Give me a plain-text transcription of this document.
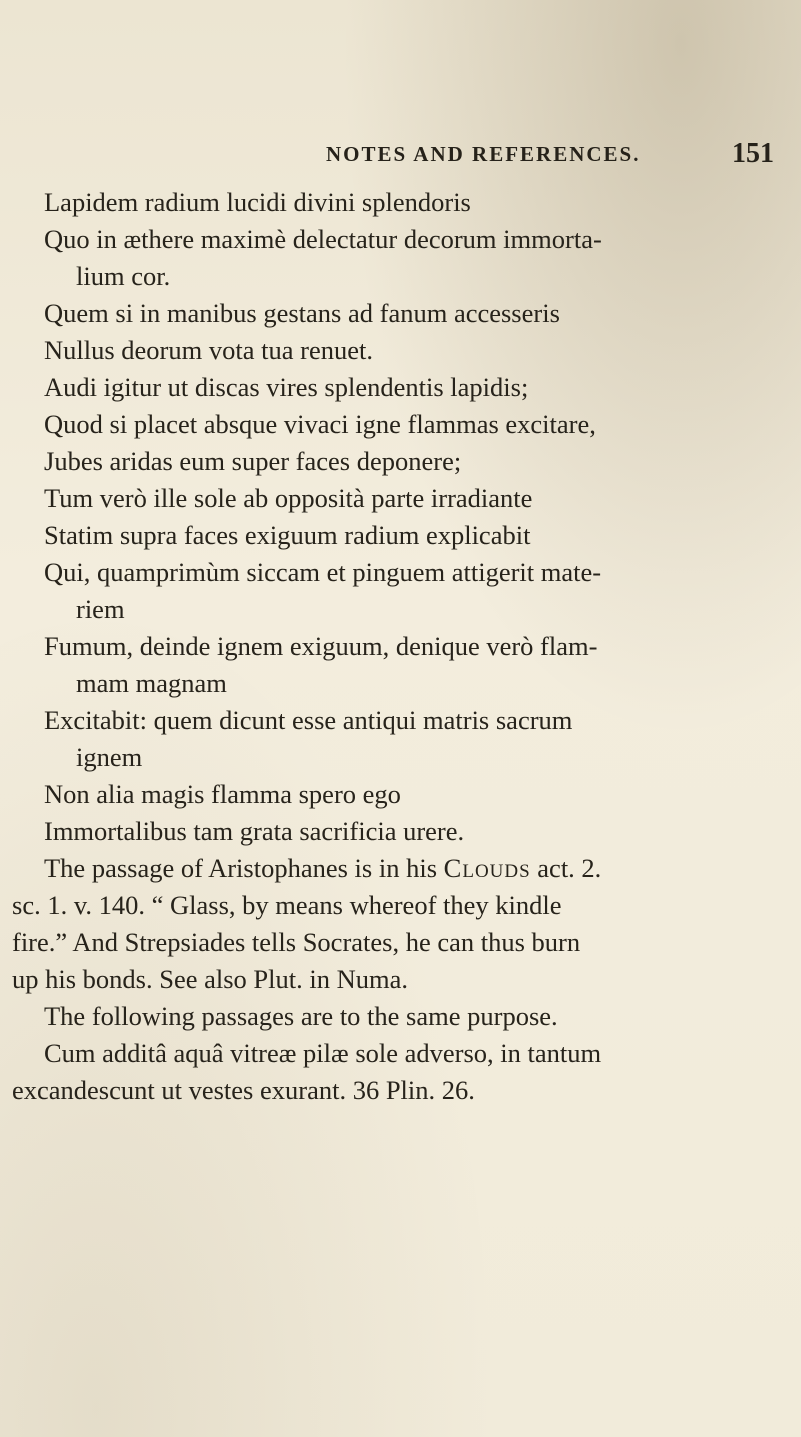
NOTES AND REFERENCES.	151
Lapidem radium lucidi divini splendoris
Quo in æthere maximè delectatur decorum immorta-
lium cor.
Quem si in manibus gestans ad fanum accesseris
Nullus deorum vota tua renuet.
Audi igitur ut discas vires splendentis lapidis;
Quod si placet absque vivaci igne flammas excitare,
Jubes aridas eum super faces deponere;
Tum verò ille sole ab opposità parte irradiante
Statim supra faces exiguum radium explicabit
Qui, quamprimùm siccam et pinguem attigerit mate-
riem
Fumum, deinde ignem exiguum, denique verò flam-
mam magnam
Excitabit: quem dicunt esse antiqui matris sacrum
ignem
Non alia magis flamma spero ego
Immortalibus tam grata sacrificia urere.
The passage of Aristophanes is in his Clouds act. 2.
sc. 1. v. 140. “ Glass, by means whereof they kindle
fire.” And Strepsiades tells Socrates, he can thus burn
up his bonds. See also Plut. in Numa.
The following passages are to the same purpose.
Cum additâ aquâ vitreæ pilæ sole adverso, in tantum
excandescunt ut vestes exurant. 36 Plin. 26.
